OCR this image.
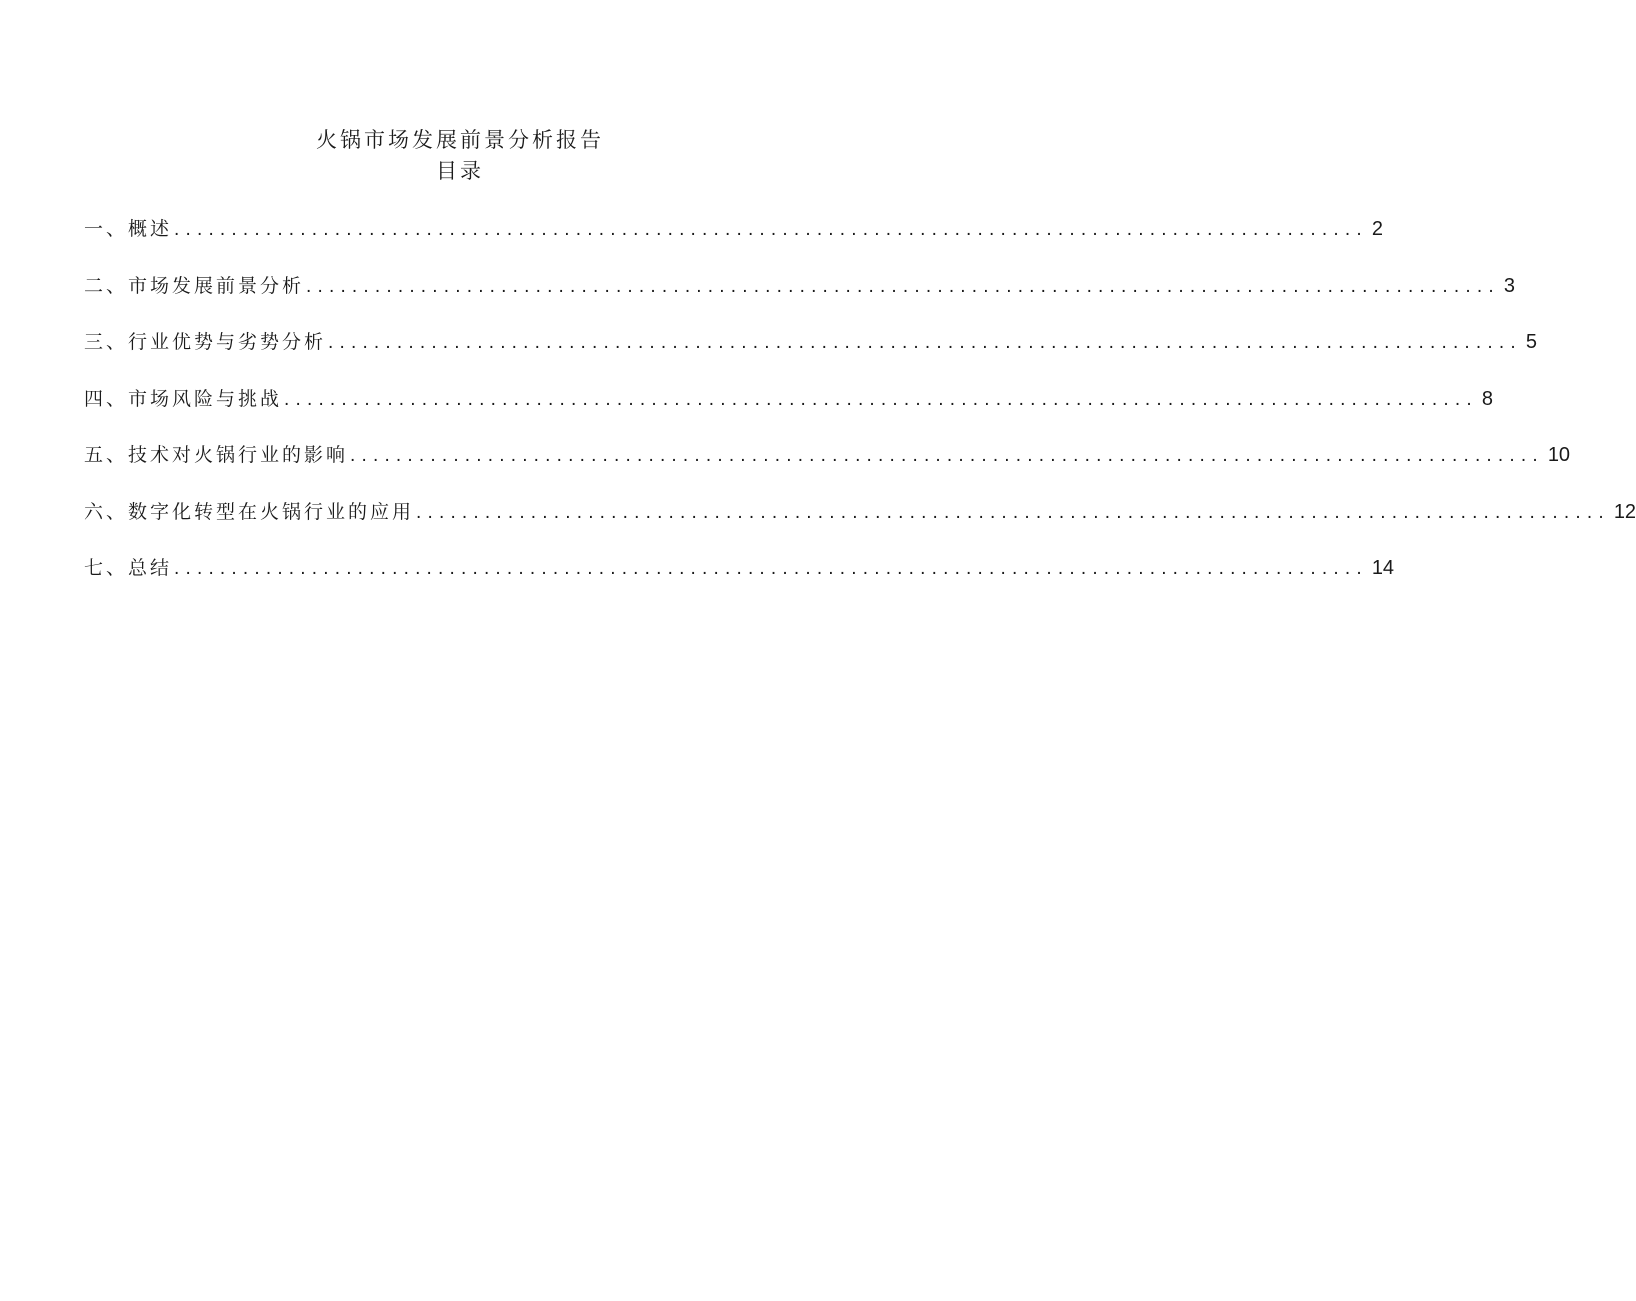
火锅市场发展前景分析报告
目录
一、概述 ........................................................................................................ 2
二、市场发展前景分析 ........................................................................................................ 3
三、行业优势与劣势分析 ........................................................................................................ 5
四、市场风险与挑战 ........................................................................................................ 8
五、技术对火锅行业的影响 ........................................................................................................ 10
六、数字化转型在火锅行业的应用 ........................................................................................................ 12
七、总结 ........................................................................................................ 14
